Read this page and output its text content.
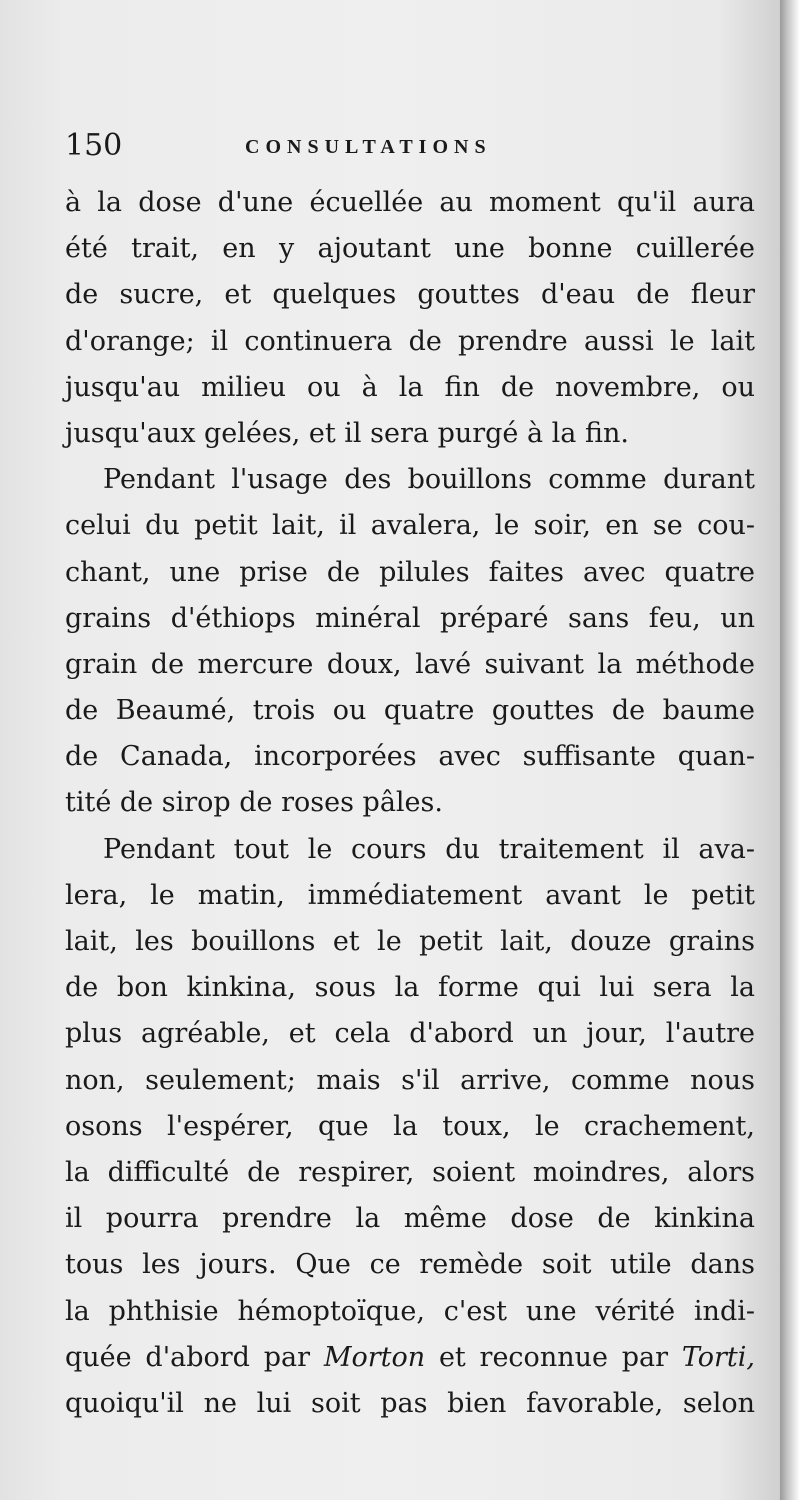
150	CONSULTATIONS
à la dose d'une écuellée au moment qu'il aura
été trait, en y ajoutant une bonne cuillerée
de sucre, et quelques gouttes d'eau de fleur
d'orange; il continuera de prendre aussi le lait
jusqu'au milieu ou à la fin de novembre, ou
jusqu'aux gelées, et il sera purgé à la fin.
Pendant l'usage des bouillons comme durant
celui du petit lait, il avalera, le soir, en se cou-
chant, une prise de pilules faites avec quatre
grains d'éthiops minéral préparé sans feu, un
grain de mercure doux, lavé suivant la méthode
de Beaumé, trois ou quatre gouttes de baume
de Canada, incorporées avec suffisante quan-
tité de sirop de roses pâles.
Pendant tout le cours du traitement il ava-
lera, le matin, immédiatement avant le petit
lait, les bouillons et le petit lait, douze grains
de bon kinkina, sous la forme qui lui sera la
plus agréable, et cela d'abord un jour, l'autre
non, seulement; mais s'il arrive, comme nous
osons l'espérer, que la toux, le crachement,
la difficulté de respirer, soient moindres, alors
il pourra prendre la même dose de kinkina
tous les jours. Que ce remède soit utile dans
la phthisie hémoptoïque, c'est une vérité indi-
quée d'abord par Morton et reconnue par Torti,
quoiqu'il ne lui soit pas bien favorable, selon
